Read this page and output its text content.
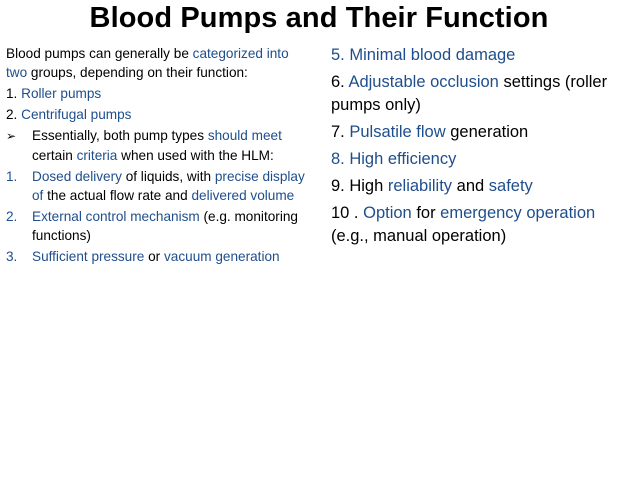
Blood Pumps and Their Function

Blood pumps can generally be categorized into two groups, depending on their function:

1. Roller pumps

2. Centrifugal pumps

➢ Essentially, both pump types should meet certain criteria when used with the HLM:

1. Dosed delivery of liquids, with precise display of the actual flow rate and delivered volume

2. External control mechanism (e.g. monitoring functions)

3. Sufficient pressure or vacuum generation

5. Minimal blood damage

6. Adjustable occlusion settings (roller pumps only)

7. Pulsatile flow generation

8. High efficiency

9. High reliability and safety

10 . Option for emergency operation (e.g., manual operation)
